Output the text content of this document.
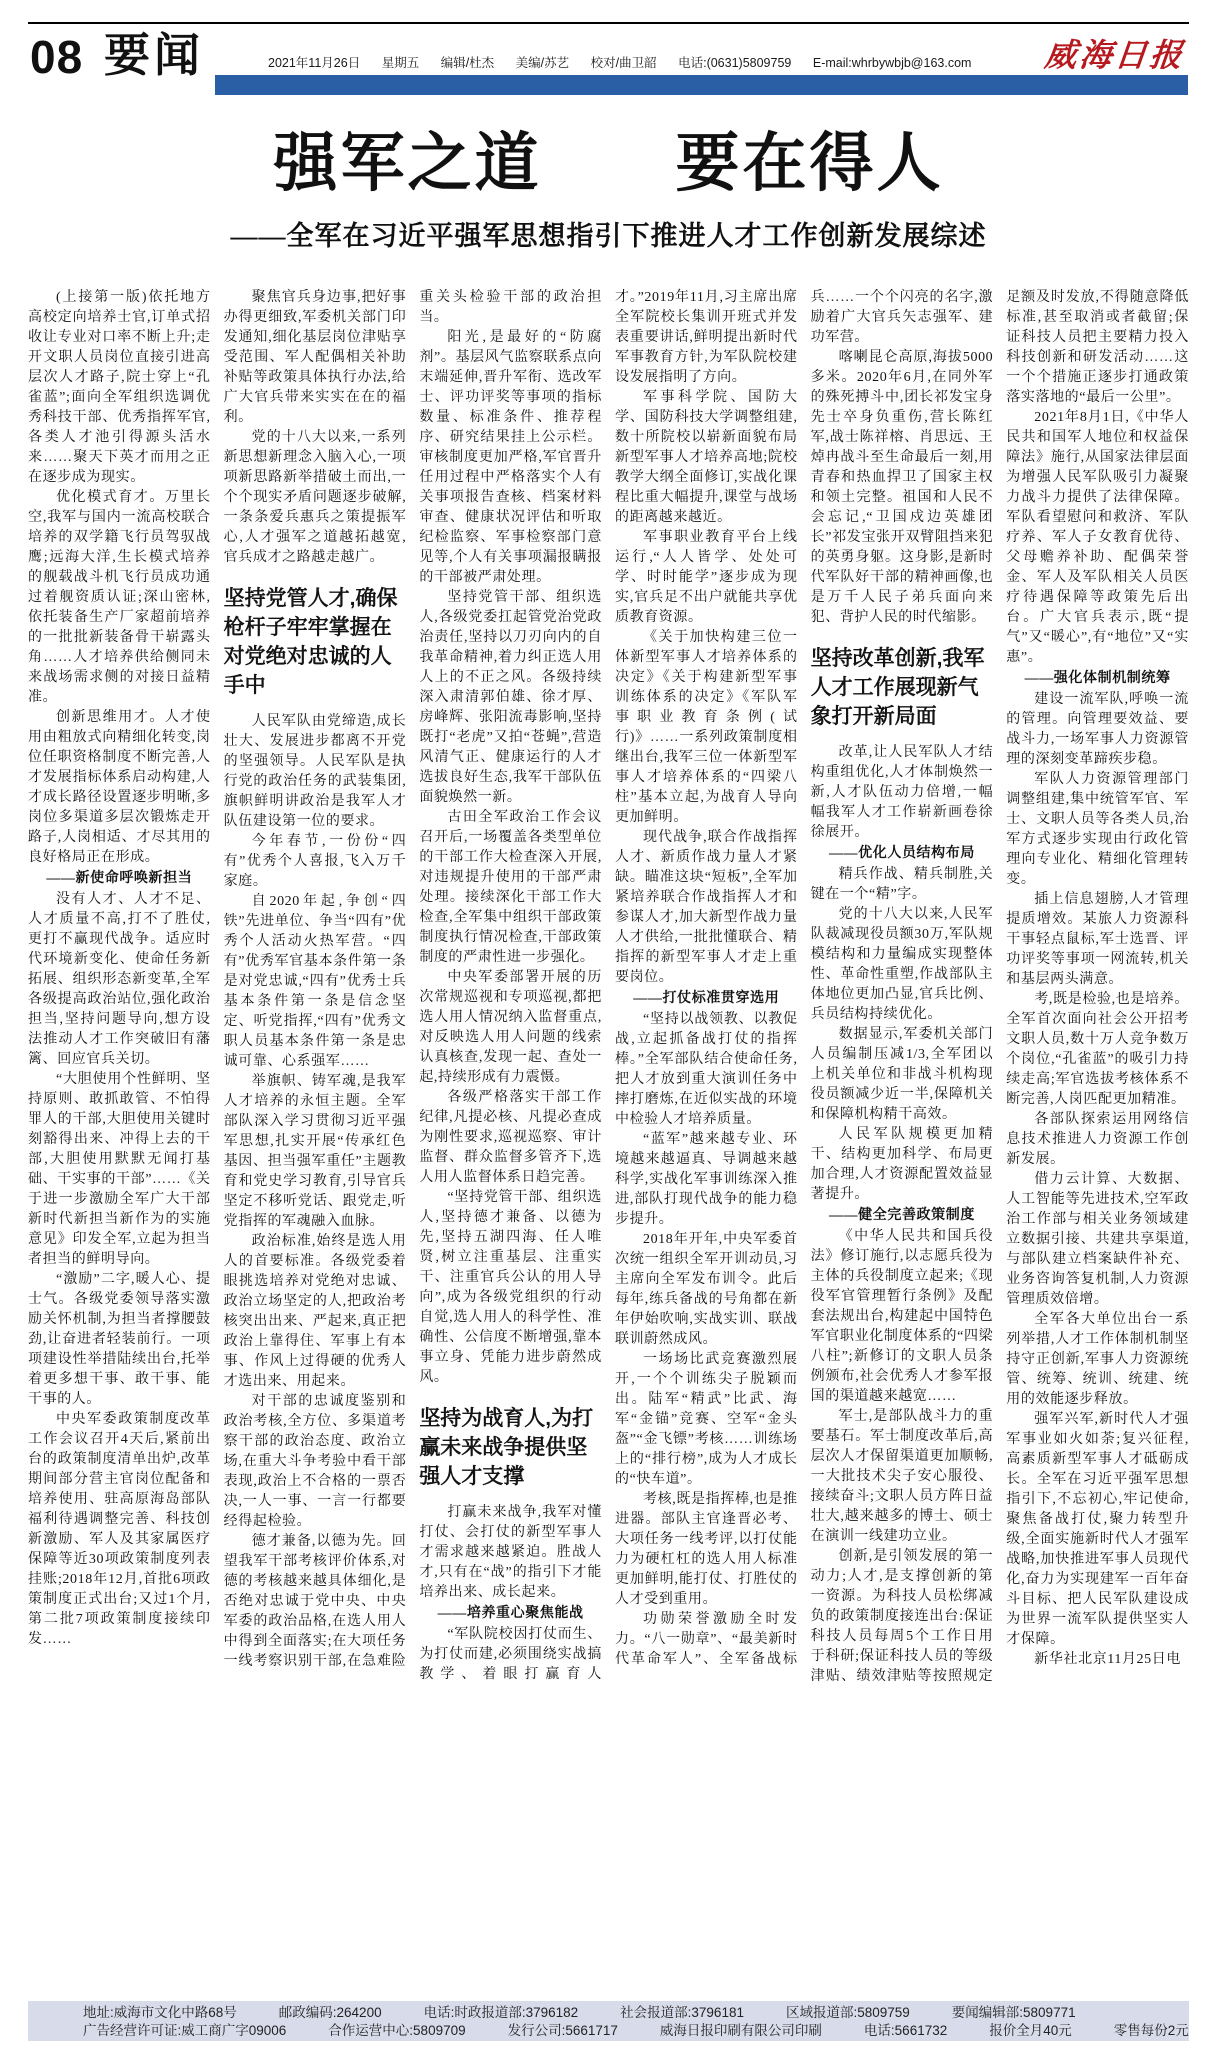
08 要闻	2021年11月26日 星期五 编辑/杜杰 美编/苏艺 校对/曲卫韶 电话:(0631)5809759 E-mail:whrbywbjb@163.com	威海日报
强军之道　　要在得人
——全军在习近平强军思想指引下推进人才工作创新发展综述

(上接第一版)依托地方高校定向培养士官,订单式招收让专业对口率不断上升;走开文职人员岗位直接引进高层次人才路子,院士穿上“孔雀蓝”;面向全军组织选调优秀科技干部、优秀指挥军官,各类人才池引得源头活水来……聚天下英才而用之正在逐步成为现实。

优化模式育才。万里长空,我军与国内一流高校联合培养的双学籍飞行员驾驭战鹰;远海大洋,生长模式培养的舰载战斗机飞行员成功通过着舰资质认证;深山密林,依托装备生产厂家超前培养的一批批新装备骨干崭露头角……人才培养供给侧同未来战场需求侧的对接日益精准。

创新思维用才。人才使用由粗放式向精细化转变,岗位任职资格制度不断完善,人才发展指标体系启动构建,人才成长路径设置逐步明晰,多岗位多渠道多层次锻炼走开路子,人岗相适、才尽其用的良好格局正在形成。

——新使命呼唤新担当

没有人才、人才不足、人才质量不高,打不了胜仗,更打不赢现代战争。适应时代环境新变化、使命任务新拓展、组织形态新变革,全军各级提高政治站位,强化政治担当,坚持问题导向,想方设法推动人才工作突破旧有藩篱、回应官兵关切。

“大胆使用个性鲜明、坚持原则、敢抓敢管、不怕得罪人的干部,大胆使用关键时刻豁得出来、冲得上去的干部,大胆使用默默无闻打基础、干实事的干部”……《关于进一步激励全军广大干部新时代新担当新作为的实施意见》印发全军,立起为担当者担当的鲜明导向。

“激励”二字,暖人心、提士气。各级党委领导落实激励关怀机制,为担当者撑腰鼓劲,让奋进者轻装前行。一项项建设性举措陆续出台,托举着更多想干事、敢干事、能干事的人。

中央军委政策制度改革工作会议召开4天后,紧前出台的政策制度清单出炉,改革期间部分营主官岗位配备和培养使用、驻高原海岛部队福利待遇调整完善、科技创新激励、军人及其家属医疗保障等近30项政策制度列表挂账;2018年12月,首批6项政策制度正式出台;又过1个月,第二批7项政策制度接续印发……

聚焦官兵身边事,把好事办得更细致,军委机关部门印发通知,细化基层岗位津贴享受范围、军人配偶相关补助补贴等政策具体执行办法,给广大官兵带来实实在在的福利。

党的十八大以来,一系列新思想新理念入脑入心,一项项新思路新举措破土而出,一个个现实矛盾问题逐步破解,一条条爱兵惠兵之策提振军心,人才强军之道越拓越宽,官兵成才之路越走越广。

坚持党管人才,确保枪杆子牢牢掌握在对党绝对忠诚的人手中

人民军队由党缔造,成长壮大、发展进步都离不开党的坚强领导。人民军队是执行党的政治任务的武装集团,旗帜鲜明讲政治是我军人才队伍建设第一位的要求。

今年春节,一份份“四有”优秀个人喜报,飞入万千家庭。

自2020年起,争创“四铁”先进单位、争当“四有”优秀个人活动火热军营。“四有”优秀军官基本条件第一条是对党忠诚,“四有”优秀士兵基本条件第一条是信念坚定、听党指挥,“四有”优秀文职人员基本条件第一条是忠诚可靠、心系强军……

举旗帜、铸军魂,是我军人才培养的永恒主题。全军部队深入学习贯彻习近平强军思想,扎实开展“传承红色基因、担当强军重任”主题教育和党史学习教育,引导官兵坚定不移听党话、跟党走,听党指挥的军魂融入血脉。

政治标准,始终是选人用人的首要标准。各级党委着眼挑选培养对党绝对忠诚、政治立场坚定的人,把政治考核突出出来、严起来,真正把政治上靠得住、军事上有本事、作风上过得硬的优秀人才选出来、用起来。

对干部的忠诚度鉴别和政治考核,全方位、多渠道考察干部的政治态度、政治立场,在重大斗争考验中看干部表现,政治上不合格的一票否决,一人一事、一言一行都要经得起检验。

德才兼备,以德为先。回望我军干部考核评价体系,对德的考核越来越具体细化,是否绝对忠诚于党中央、中央军委的政治品格,在选人用人中得到全面落实;在大项任务一线考察识别干部,在急难险重关头检验干部的政治担当。

阳光,是最好的“防腐剂”。基层风气监察联系点向末端延伸,晋升军衔、选改军士、评功评奖等事项的指标数量、标准条件、推荐程序、研究结果挂上公示栏。审核制度更加严格,军官晋升任用过程中严格落实个人有关事项报告查核、档案材料审查、健康状况评估和听取纪检监察、军事检察部门意见等,个人有关事项漏报瞒报的干部被严肃处理。

坚持党管干部、组织选人,各级党委扛起管党治党政治责任,坚持以刀刃向内的自我革命精神,着力纠正选人用人上的不正之风。各级持续深入肃清郭伯雄、徐才厚、房峰辉、张阳流毒影响,坚持既打“老虎”又拍“苍蝇”,营造风清气正、健康运行的人才选拔良好生态,我军干部队伍面貌焕然一新。

古田全军政治工作会议召开后,一场覆盖各类型单位的干部工作大检查深入开展,对违规提升使用的干部严肃处理。接续深化干部工作大检查,全军集中组织干部政策制度执行情况检查,干部政策制度的严肃性进一步强化。

中央军委部署开展的历次常规巡视和专项巡视,都把选人用人情况纳入监督重点,对反映选人用人问题的线索认真核查,发现一起、查处一起,持续形成有力震慑。

各级严格落实干部工作纪律,凡提必核、凡提必查成为刚性要求,巡视巡察、审计监督、群众监督多管齐下,选人用人监督体系日趋完善。

“坚持党管干部、组织选人,坚持德才兼备、以德为先,坚持五湖四海、任人唯贤,树立注重基层、注重实干、注重官兵公认的用人导向”,成为各级党组织的行动自觉,选人用人的科学性、准确性、公信度不断增强,靠本事立身、凭能力进步蔚然成风。

坚持为战育人,为打赢未来战争提供坚强人才支撑

打赢未来战争,我军对懂打仗、会打仗的新型军事人才需求越来越紧迫。胜战人才,只有在“战”的指引下才能培养出来、成长起来。

——培养重心聚焦能战

“军队院校因打仗而生、为打仗而建,必须围绕实战搞教学、着眼打赢育人才。”2019年11月,习主席出席全军院校长集训开班式并发表重要讲话,鲜明提出新时代军事教育方针,为军队院校建设发展指明了方向。

军事科学院、国防大学、国防科技大学调整组建,数十所院校以崭新面貌布局新型军事人才培养高地;院校教学大纲全面修订,实战化课程比重大幅提升,课堂与战场的距离越来越近。

军事职业教育平台上线运行,“人人皆学、处处可学、时时能学”逐步成为现实,官兵足不出户就能共享优质教育资源。

《关于加快构建三位一体新型军事人才培养体系的决定》《关于构建新型军事训练体系的决定》《军队军事职业教育条例(试行)》……一系列政策制度相继出台,我军三位一体新型军事人才培养体系的“四梁八柱”基本立起,为战育人导向更加鲜明。

现代战争,联合作战指挥人才、新质作战力量人才紧缺。瞄准这块“短板”,全军加紧培养联合作战指挥人才和参谋人才,加大新型作战力量人才供给,一批批懂联合、精指挥的新型军事人才走上重要岗位。

——打仗标准贯穿选用

“坚持以战领教、以教促战,立起抓备战打仗的指挥棒。”全军部队结合使命任务,把人才放到重大演训任务中摔打磨炼,在近似实战的环境中检验人才培养质量。

“蓝军”越来越专业、环境越来越逼真、导调越来越科学,实战化军事训练深入推进,部队打现代战争的能力稳步提升。

2018年开年,中央军委首次统一组织全军开训动员,习主席向全军发布训令。此后每年,练兵备战的号角都在新年伊始吹响,实战实训、联战联训蔚然成风。

一场场比武竞赛激烈展开,一个个训练尖子脱颖而出。陆军“精武”比武、海军“金锚”竞赛、空军“金头盔”“金飞镖”考核……训练场上的“排行榜”,成为人才成长的“快车道”。

考核,既是指挥棒,也是推进器。部队主官逢晋必考、大项任务一线考评,以打仗能力为硬杠杠的选人用人标准更加鲜明,能打仗、打胜仗的人才受到重用。

功勋荣誉激励全时发力。“八一勋章”、“最美新时代革命军人”、全军备战标兵……一个个闪亮的名字,激励着广大官兵矢志强军、建功军营。

喀喇昆仑高原,海拔5000多米。2020年6月,在同外军的殊死搏斗中,团长祁发宝身先士卒身负重伤,营长陈红军,战士陈祥榕、肖思远、王焯冉战斗至生命最后一刻,用青春和热血捍卫了国家主权和领土完整。祖国和人民不会忘记,“卫国戍边英雄团长”祁发宝张开双臂阻挡来犯的英勇身躯。这身影,是新时代军队好干部的精神画像,也是万千人民子弟兵面向来犯、背护人民的时代缩影。

坚持改革创新,我军人才工作展现新气象打开新局面

改革,让人民军队人才结构重组优化,人才体制焕然一新,人才队伍动力倍增,一幅幅我军人才工作崭新画卷徐徐展开。

——优化人员结构布局

精兵作战、精兵制胜,关键在一个“精”字。

党的十八大以来,人民军队裁减现役员额30万,军队规模结构和力量编成实现整体性、革命性重塑,作战部队主体地位更加凸显,官兵比例、兵员结构持续优化。

数据显示,军委机关部门人员编制压减1/3,全军团以上机关单位和非战斗机构现役员额减少近一半,保障机关和保障机构精干高效。

人民军队规模更加精干、结构更加科学、布局更加合理,人才资源配置效益显著提升。

——健全完善政策制度

《中华人民共和国兵役法》修订施行,以志愿兵役为主体的兵役制度立起来;《现役军官管理暂行条例》及配套法规出台,构建起中国特色军官职业化制度体系的“四梁八柱”;新修订的文职人员条例颁布,社会优秀人才参军报国的渠道越来越宽……

军士,是部队战斗力的重要基石。军士制度改革后,高层次人才保留渠道更加顺畅,一大批技术尖子安心服役、接续奋斗;文职人员方阵日益壮大,越来越多的博士、硕士在演训一线建功立业。

创新,是引领发展的第一动力;人才,是支撑创新的第一资源。为科技人员松绑减负的政策制度接连出台:保证科技人员每周5个工作日用于科研;保证科技人员的等级津贴、绩效津贴等按照规定足额及时发放,不得随意降低标准,甚至取消或者截留;保证科技人员把主要精力投入科技创新和研发活动……这一个个措施正逐步打通政策落实落地的“最后一公里”。

2021年8月1日,《中华人民共和国军人地位和权益保障法》施行,从国家法律层面为增强人民军队吸引力凝聚力战斗力提供了法律保障。军队看望慰问和救济、军队疗养、军人子女教育优待、父母赡养补助、配偶荣誉金、军人及军队相关人员医疗待遇保障等政策先后出台。广大官兵表示,既“提气”又“暖心”,有“地位”又“实惠”。

——强化体制机制统筹

建设一流军队,呼唤一流的管理。向管理要效益、要战斗力,一场军事人力资源管理的深刻变革蹄疾步稳。

军队人力资源管理部门调整组建,集中统管军官、军士、文职人员等各类人员,治军方式逐步实现由行政化管理向专业化、精细化管理转变。

插上信息翅膀,人才管理提质增效。某旅人力资源科干事轻点鼠标,军士选晋、评功评奖等事项一网流转,机关和基层两头满意。

考,既是检验,也是培养。全军首次面向社会公开招考文职人员,数十万人竞争数万个岗位,“孔雀蓝”的吸引力持续走高;军官选拔考核体系不断完善,人岗匹配更加精准。

各部队探索运用网络信息技术推进人力资源工作创新发展。

借力云计算、大数据、人工智能等先进技术,空军政治工作部与相关业务领域建立数据引接、共建共享渠道,与部队建立档案缺件补充、业务咨询答复机制,人力资源管理质效倍增。

全军各大单位出台一系列举措,人才工作体制机制坚持守正创新,军事人力资源统管、统筹、统训、统建、统用的效能逐步释放。

强军兴军,新时代人才强军事业如火如荼;复兴征程,高素质新型军事人才砥砺成长。全军在习近平强军思想指引下,不忘初心,牢记使命,聚焦备战打仗,聚力转型升级,全面实施新时代人才强军战略,加快推进军事人员现代化,奋力为实现建军一百年奋斗目标、把人民军队建设成为世界一流军队提供坚实人才保障。

新华社北京11月25日电

地址:威海市文化中路68号	邮政编码:264200	电话:时政报道部:3796182	社会报道部:3796181	区域报道部:5809759	要闻编辑部:5809771
广告经营许可证:威工商广字09006	合作运营中心:5809709	发行公司:5661717	威海日报印刷有限公司印刷	电话:5661732	报价全月40元	零售每份2元
